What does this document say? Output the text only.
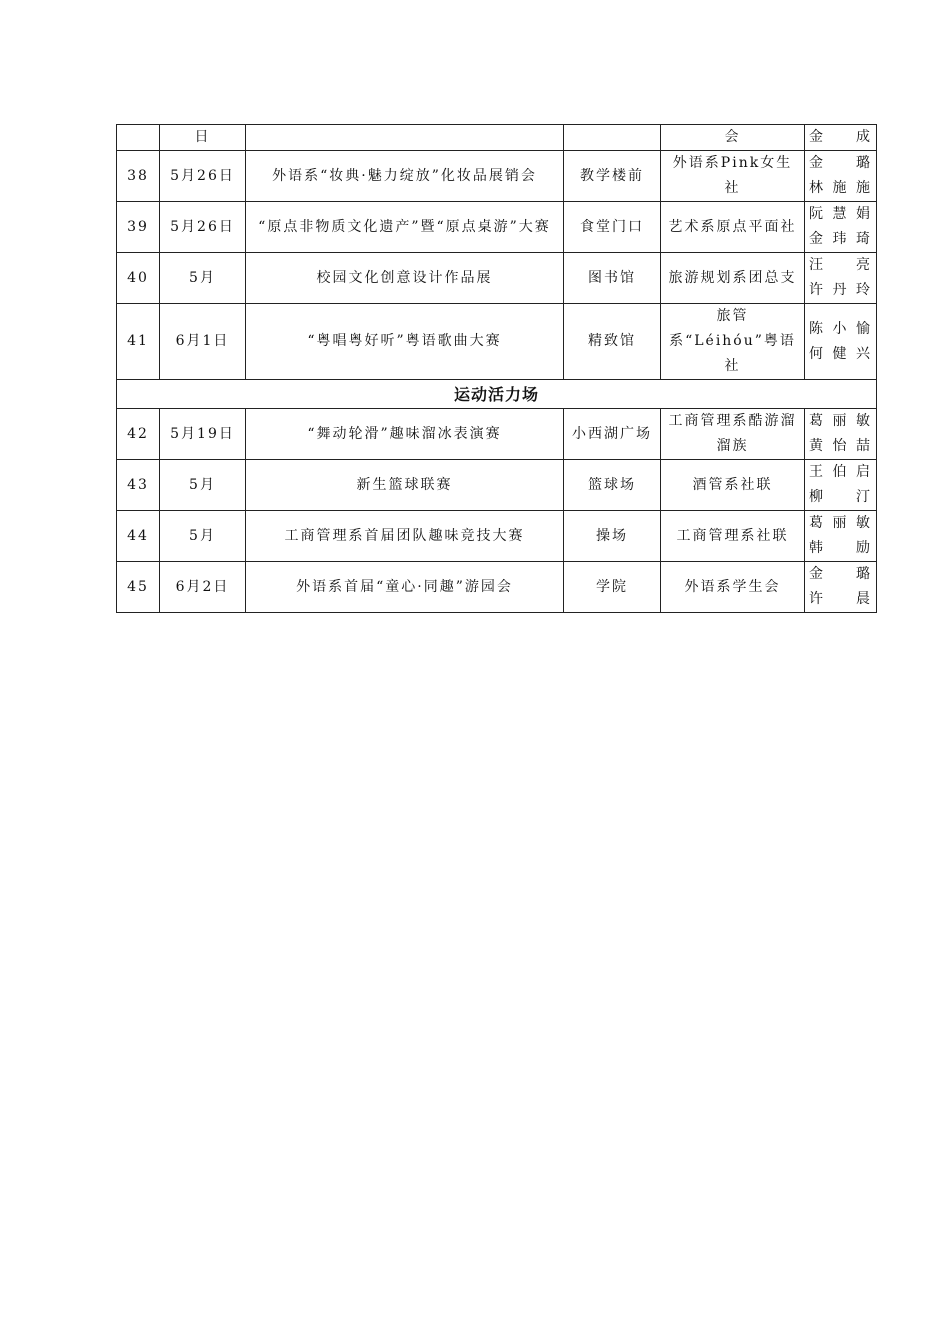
	日			会	金　成

38	5月26日	外语系“妆典·魅力绽放”化妆品展销会	教学楼前	外语系Pink女生社	金　璐
林施施

39	5月26日	“原点非物质文化遗产”暨“原点桌游”大赛	食堂门口	艺术系原点平面社	阮慧娟
金玮琦

40	5月	校园文化创意设计作品展	图书馆	旅游规划系团总支	汪　亮
许丹玲

41	6月1日	“粤唱粤好听”粤语歌曲大赛	精致馆	旅管系“Léihóu”粤语社	陈小愉
何健兴

运动活力场					
42	5月19日	“舞动轮滑”趣味溜冰表演赛	小西湖广场	工商管理系酷游溜溜族	葛丽敏
黄怡喆

43	5月	新生篮球联赛	篮球场	酒管系社联	王伯启
柳　汀

44	5月	工商管理系首届团队趣味竞技大赛	操场	工商管理系社联	葛丽敏
韩　励

45	6月2日	外语系首届“童心·同趣”游园会	学院	外语系学生会	金　璐
许　晨
